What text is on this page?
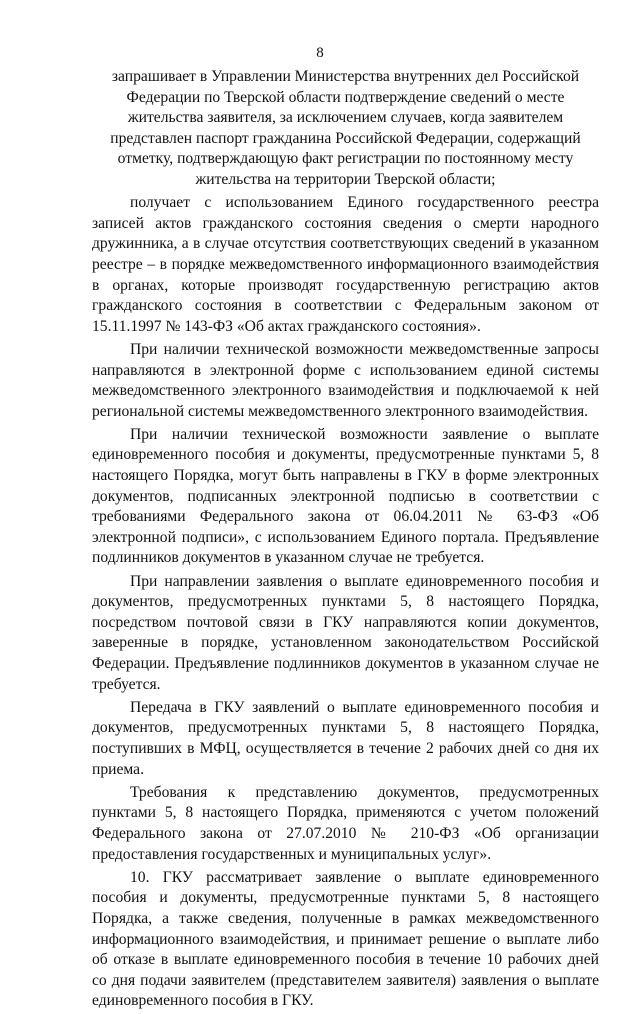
8

запрашивает в Управлении Министерства внутренних дел Российской Федерации по Тверской области подтверждение сведений о месте жительства заявителя, за исключением случаев, когда заявителем представлен паспорт гражданина Российской Федерации, содержащий отметку, подтверждающую факт регистрации по постоянному месту жительства на территории Тверской области;

получает с использованием Единого государственного реестра записей актов гражданского состояния сведения о смерти народного дружинника, а в случае отсутствия соответствующих сведений в указанном реестре – в порядке межведомственного информационного взаимодействия в органах, которые производят государственную регистрацию актов гражданского состояния в соответствии с Федеральным законом от 15.11.1997 № 143-ФЗ «Об актах гражданского состояния».

При наличии технической возможности межведомственные запросы направляются в электронной форме с использованием единой системы межведомственного электронного взаимодействия и подключаемой к ней региональной системы межведомственного электронного взаимодействия.

При наличии технической возможности заявление о выплате единовременного пособия и документы, предусмотренные пунктами 5, 8 настоящего Порядка, могут быть направлены в ГКУ в форме электронных документов, подписанных электронной подписью в соответствии с требованиями Федерального закона от 06.04.2011 № 63-ФЗ «Об электронной подписи», с использованием Единого портала. Предъявление подлинников документов в указанном случае не требуется.

При направлении заявления о выплате единовременного пособия и документов, предусмотренных пунктами 5, 8 настоящего Порядка, посредством почтовой связи в ГКУ направляются копии документов, заверенные в порядке, установленном законодательством Российской Федерации. Предъявление подлинников документов в указанном случае не требуется.

Передача в ГКУ заявлений о выплате единовременного пособия и документов, предусмотренных пунктами 5, 8 настоящего Порядка, поступивших в МФЦ, осуществляется в течение 2 рабочих дней со дня их приема.

Требования к представлению документов, предусмотренных пунктами 5, 8 настоящего Порядка, применяются с учетом положений Федерального закона от 27.07.2010 № 210-ФЗ «Об организации предоставления государственных и муниципальных услуг».

10. ГКУ рассматривает заявление о выплате единовременного пособия и документы, предусмотренные пунктами 5, 8 настоящего Порядка, а также сведения, полученные в рамках межведомственного информационного взаимодействия, и принимает решение о выплате либо об отказе в выплате единовременного пособия в течение 10 рабочих дней со дня подачи заявителем (представителем заявителя) заявления о выплате единовременного пособия в ГКУ.
